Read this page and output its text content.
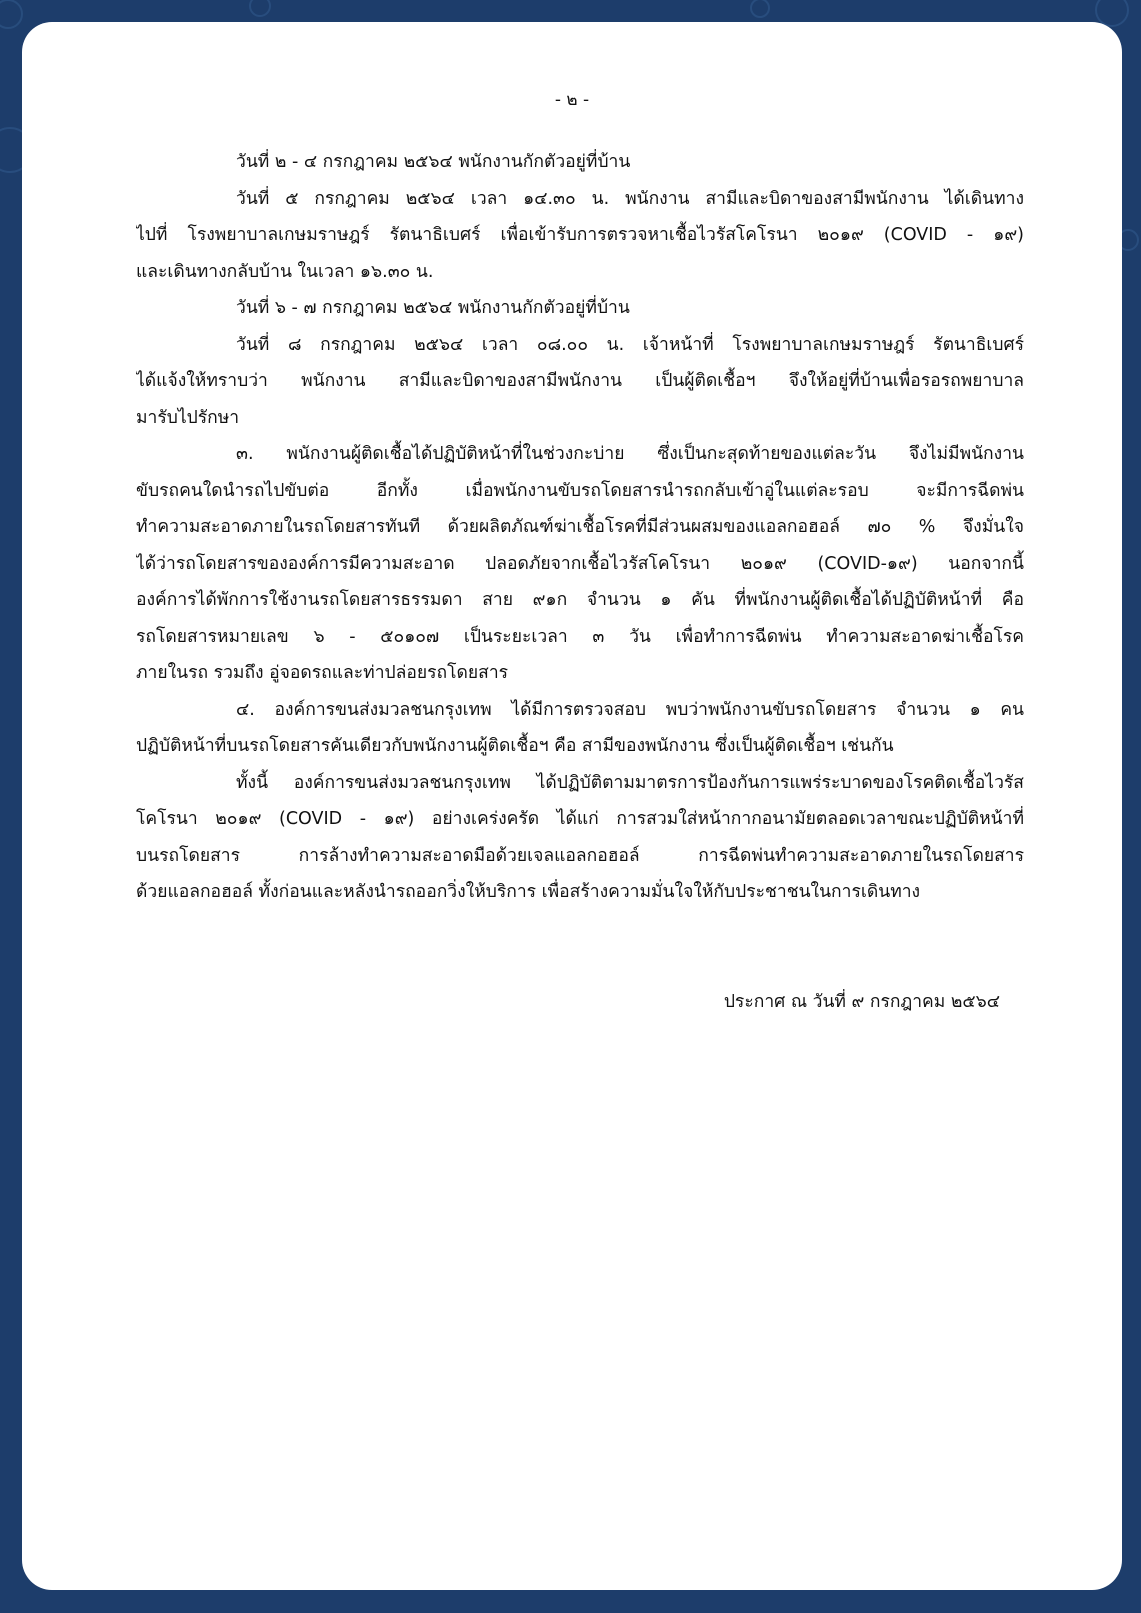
- ๒ -

วันที่ ๒ - ๔ กรกฎาคม ๒๕๖๔ พนักงานกักตัวอยู่ที่บ้าน

วันที่ ๕ กรกฎาคม ๒๕๖๔ เวลา ๑๔.๓๐ น. พนักงาน สามีและบิดาของสามีพนักงาน ได้เดินทาง

ไปที่ โรงพยาบาลเกษมราษฎร์ รัตนาธิเบศร์ เพื่อเข้ารับการตรวจหาเชื้อไวรัสโคโรนา ๒๐๑๙ (COVID - ๑๙)

และเดินทางกลับบ้าน ในเวลา ๑๖.๓๐ น.

วันที่ ๖ - ๗ กรกฎาคม ๒๕๖๔ พนักงานกักตัวอยู่ที่บ้าน

วันที่ ๘ กรกฎาคม ๒๕๖๔ เวลา ๐๘.๐๐ น. เจ้าหน้าที่ โรงพยาบาลเกษมราษฎร์ รัตนาธิเบศร์

ได้แจ้งให้ทราบว่า พนักงาน สามีและบิดาของสามีพนักงาน เป็นผู้ติดเชื้อฯ จึงให้อยู่ที่บ้านเพื่อรอรถพยาบาล

มารับไปรักษา

๓. พนักงานผู้ติดเชื้อได้ปฏิบัติหน้าที่ในช่วงกะบ่าย ซึ่งเป็นกะสุดท้ายของแต่ละวัน จึงไม่มีพนักงาน

ขับรถคนใดนำรถไปขับต่อ อีกทั้ง เมื่อพนักงานขับรถโดยสารนำรถกลับเข้าอู่ในแต่ละรอบ จะมีการฉีดพ่น

ทำความสะอาดภายในรถโดยสารทันที ด้วยผลิตภัณฑ์ฆ่าเชื้อโรคที่มีส่วนผสมของแอลกอฮอล์ ๗๐ % จึงมั่นใจ

ได้ว่ารถโดยสารขององค์การมีความสะอาด ปลอดภัยจากเชื้อไวรัสโคโรนา ๒๐๑๙ (COVID-๑๙) นอกจากนี้

องค์การได้พักการใช้งานรถโดยสารธรรมดา สาย ๙๑ก จำนวน ๑ คัน ที่พนักงานผู้ติดเชื้อได้ปฏิบัติหน้าที่ คือ

รถโดยสารหมายเลข ๖ - ๕๐๑๐๗ เป็นระยะเวลา ๓ วัน เพื่อทำการฉีดพ่น ทำความสะอาดฆ่าเชื้อโรค

ภายในรถ รวมถึง อู่จอดรถและท่าปล่อยรถโดยสาร

๔. องค์การขนส่งมวลชนกรุงเทพ ได้มีการตรวจสอบ พบว่าพนักงานขับรถโดยสาร จำนวน ๑ คน

ปฏิบัติหน้าที่บนรถโดยสารคันเดียวกับพนักงานผู้ติดเชื้อฯ คือ สามีของพนักงาน ซึ่งเป็นผู้ติดเชื้อฯ เช่นกัน

ทั้งนี้ องค์การขนส่งมวลชนกรุงเทพ ได้ปฏิบัติตามมาตรการป้องกันการแพร่ระบาดของโรคติดเชื้อไวรัส

โคโรนา ๒๐๑๙ (COVID - ๑๙) อย่างเคร่งครัด ได้แก่ การสวมใส่หน้ากากอนามัยตลอดเวลาขณะปฏิบัติหน้าที่

บนรถโดยสาร การล้างทำความสะอาดมือด้วยเจลแอลกอฮอล์ การฉีดพ่นทำความสะอาดภายในรถโดยสาร

ด้วยแอลกอฮอล์ ทั้งก่อนและหลังนำรถออกวิ่งให้บริการ เพื่อสร้างความมั่นใจให้กับประชาชนในการเดินทาง

ประกาศ ณ วันที่ ๙ กรกฎาคม ๒๕๖๔
